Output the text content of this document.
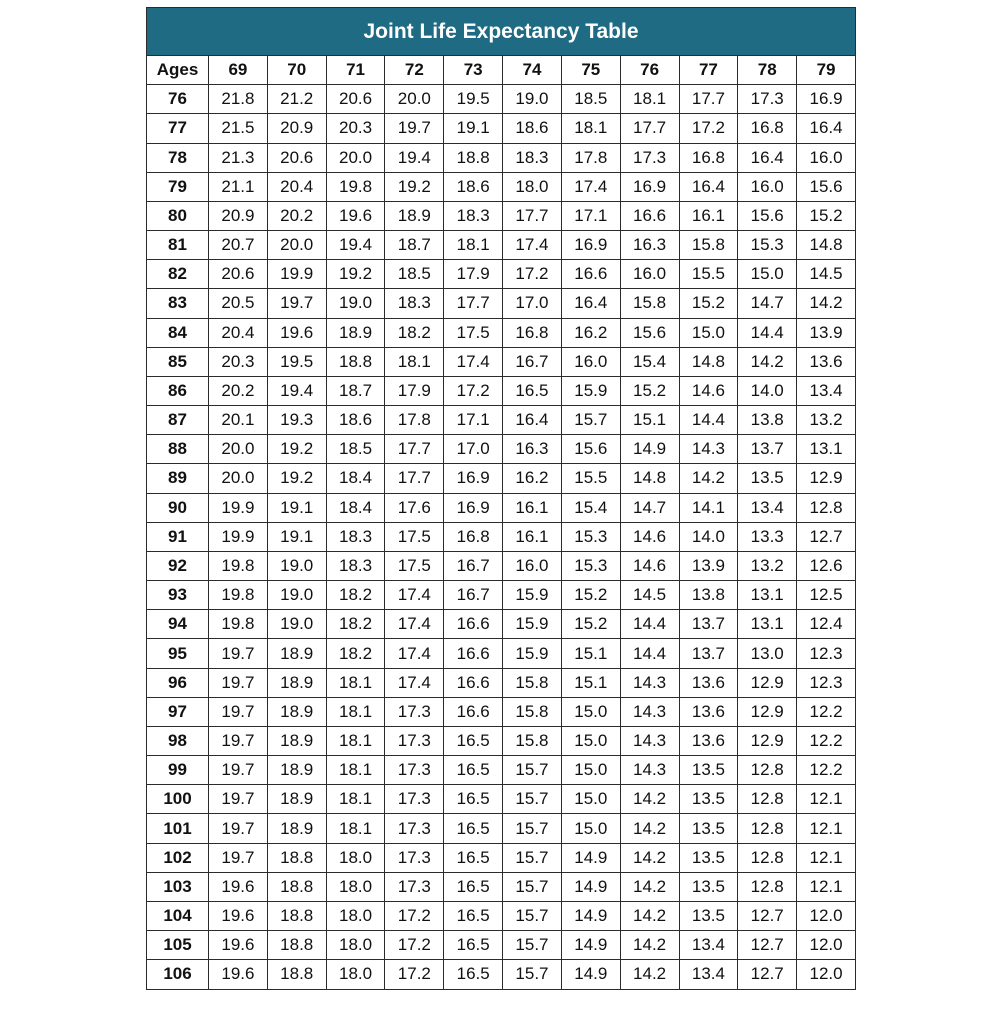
Joint Life Expectancy Table
Ages	69	70	71	72	73	74	75	76	77	78	79
76	21.8	21.2	20.6	20.0	19.5	19.0	18.5	18.1	17.7	17.3	16.9
77	21.5	20.9	20.3	19.7	19.1	18.6	18.1	17.7	17.2	16.8	16.4
78	21.3	20.6	20.0	19.4	18.8	18.3	17.8	17.3	16.8	16.4	16.0
79	21.1	20.4	19.8	19.2	18.6	18.0	17.4	16.9	16.4	16.0	15.6
80	20.9	20.2	19.6	18.9	18.3	17.7	17.1	16.6	16.1	15.6	15.2
81	20.7	20.0	19.4	18.7	18.1	17.4	16.9	16.3	15.8	15.3	14.8
82	20.6	19.9	19.2	18.5	17.9	17.2	16.6	16.0	15.5	15.0	14.5
83	20.5	19.7	19.0	18.3	17.7	17.0	16.4	15.8	15.2	14.7	14.2
84	20.4	19.6	18.9	18.2	17.5	16.8	16.2	15.6	15.0	14.4	13.9
85	20.3	19.5	18.8	18.1	17.4	16.7	16.0	15.4	14.8	14.2	13.6
86	20.2	19.4	18.7	17.9	17.2	16.5	15.9	15.2	14.6	14.0	13.4
87	20.1	19.3	18.6	17.8	17.1	16.4	15.7	15.1	14.4	13.8	13.2
88	20.0	19.2	18.5	17.7	17.0	16.3	15.6	14.9	14.3	13.7	13.1
89	20.0	19.2	18.4	17.7	16.9	16.2	15.5	14.8	14.2	13.5	12.9
90	19.9	19.1	18.4	17.6	16.9	16.1	15.4	14.7	14.1	13.4	12.8
91	19.9	19.1	18.3	17.5	16.8	16.1	15.3	14.6	14.0	13.3	12.7
92	19.8	19.0	18.3	17.5	16.7	16.0	15.3	14.6	13.9	13.2	12.6
93	19.8	19.0	18.2	17.4	16.7	15.9	15.2	14.5	13.8	13.1	12.5
94	19.8	19.0	18.2	17.4	16.6	15.9	15.2	14.4	13.7	13.1	12.4
95	19.7	18.9	18.2	17.4	16.6	15.9	15.1	14.4	13.7	13.0	12.3
96	19.7	18.9	18.1	17.4	16.6	15.8	15.1	14.3	13.6	12.9	12.3
97	19.7	18.9	18.1	17.3	16.6	15.8	15.0	14.3	13.6	12.9	12.2
98	19.7	18.9	18.1	17.3	16.5	15.8	15.0	14.3	13.6	12.9	12.2
99	19.7	18.9	18.1	17.3	16.5	15.7	15.0	14.3	13.5	12.8	12.2
100	19.7	18.9	18.1	17.3	16.5	15.7	15.0	14.2	13.5	12.8	12.1
101	19.7	18.9	18.1	17.3	16.5	15.7	15.0	14.2	13.5	12.8	12.1
102	19.7	18.8	18.0	17.3	16.5	15.7	14.9	14.2	13.5	12.8	12.1
103	19.6	18.8	18.0	17.3	16.5	15.7	14.9	14.2	13.5	12.8	12.1
104	19.6	18.8	18.0	17.2	16.5	15.7	14.9	14.2	13.5	12.7	12.0
105	19.6	18.8	18.0	17.2	16.5	15.7	14.9	14.2	13.4	12.7	12.0
106	19.6	18.8	18.0	17.2	16.5	15.7	14.9	14.2	13.4	12.7	12.0
